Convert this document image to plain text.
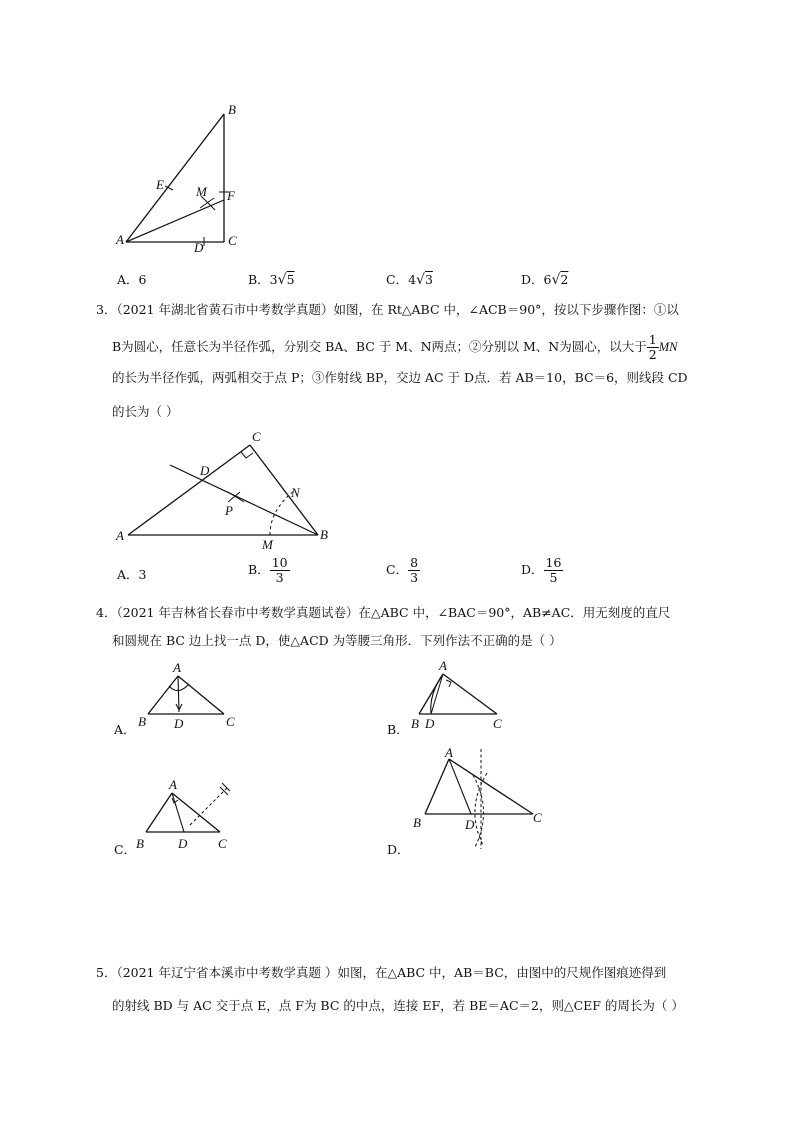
B
E M F
A
D C
A．6	B．3√5	C．4√3	D．6√2
3．（2021 年湖北省黄石市中考数学真题）如图，在 Rt△ABC 中，∠ACB＝90°，按以下步骤作图：①以
B为圆心，任意长为半径作弧，分别交 BA、BC 于 M、N两点；②分别以 M、N为圆心，以大于 $\frac{1}{2}$ MN
的长为半径作弧，两弧相交于点 P；③作射线 BP，交边 AC 于 D点．若 AB＝10，BC＝6，则线段 CD
的长为（ ）
C
D
N
P
A
M
B
A．3	B． $\frac{10}{3}$	C． $\frac{8}{3}$	D． $\frac{16}{5}$
4．（2021 年吉林省长春市中考数学真题试卷）在△ABC 中，∠BAC＝90°，AB≠AC．用无刻度的直尺
和圆规在 BC 边上找一点 D，使△ACD 为等腰三角形．下列作法不正确的是（ ）
A．
A
B D	C
B．
A
B D	C
C．
A
B	D C	D．
A
B	D	C
5．（2021 年辽宁省本溪市中考数学真题 ）如图，在△ABC 中，AB＝BC，由图中的尺规作图痕迹得到
的射线 BD 与 AC 交于点 E，点 F为 BC 的中点，连接 EF，若 BE＝AC＝2，则△CEF 的周长为（ ）
